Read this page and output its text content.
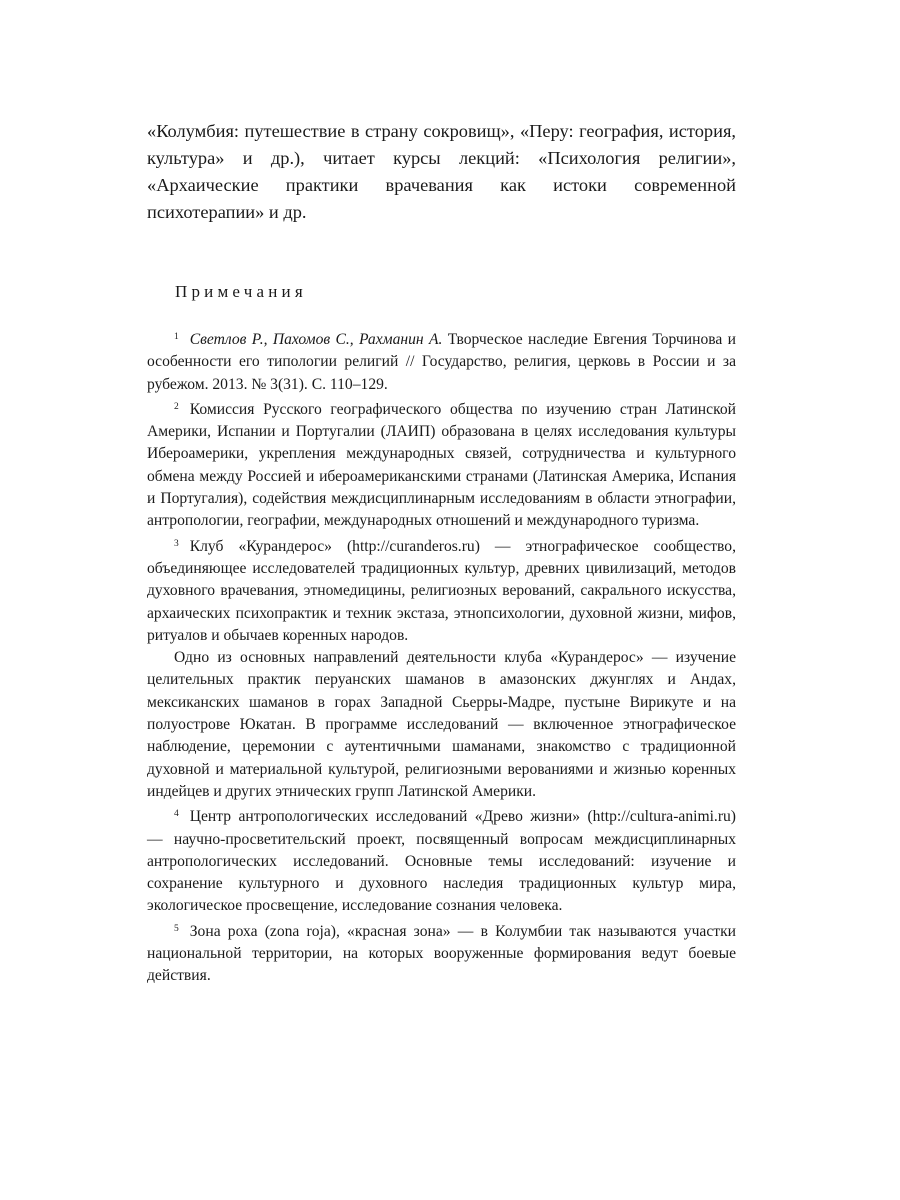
«Колумбия: путешествие в страну сокровищ», «Перу: география, история, культура» и др.), читает курсы лекций: «Психология религии», «Архаические практики врачевания как истоки современной психотерапии» и др.

Примечания

1 Светлов Р., Пахомов С., Рахманин А. Творческое наследие Евгения Торчинова и особенности его типологии религий // Государство, религия, церковь в России и за рубежом. 2013. № 3(31). С. 110–129.

2 Комиссия Русского географического общества по изучению стран Латинской Америки, Испании и Португалии (ЛАИП) образована в целях исследования культуры Ибероамерики, укрепления международных связей, сотрудничества и культурного обмена между Россией и ибероамериканскими странами (Латинская Америка, Испания и Португалия), содействия междисциплинарным исследованиям в области этнографии, антропологии, географии, международных отношений и международного туризма.

3 Клуб «Курандерос» (http://curanderos.ru) — этнографическое сообщество, объединяющее исследователей традиционных культур, древних цивилизаций, методов духовного врачевания, этномедицины, религиозных верований, сакрального искусства, архаических психопрактик и техник экстаза, этнопсихологии, духовной жизни, мифов, ритуалов и обычаев коренных народов.

Одно из основных направлений деятельности клуба «Курандерос» — изучение целительных практик перуанских шаманов в амазонских джунглях и Андах, мексиканских шаманов в горах Западной Сьерры-Мадре, пустыне Вирикуте и на полуострове Юкатан. В программе исследований — включенное этнографическое наблюдение, церемонии с аутентичными шаманами, знакомство с традиционной духовной и материальной культурой, религиозными верованиями и жизнью коренных индейцев и других этнических групп Латинской Америки.

4 Центр антропологических исследований «Древо жизни» (http://cultura-animi.ru) — научно-просветительский проект, посвященный вопросам междисциплинарных антропологических исследований. Основные темы исследований: изучение и сохранение культурного и духовного наследия традиционных культур мира, экологическое просвещение, исследование сознания человека.

5 Зона роха (zona roja), «красная зона» — в Колумбии так называются участки национальной территории, на которых вооруженные формирования ведут боевые действия.
